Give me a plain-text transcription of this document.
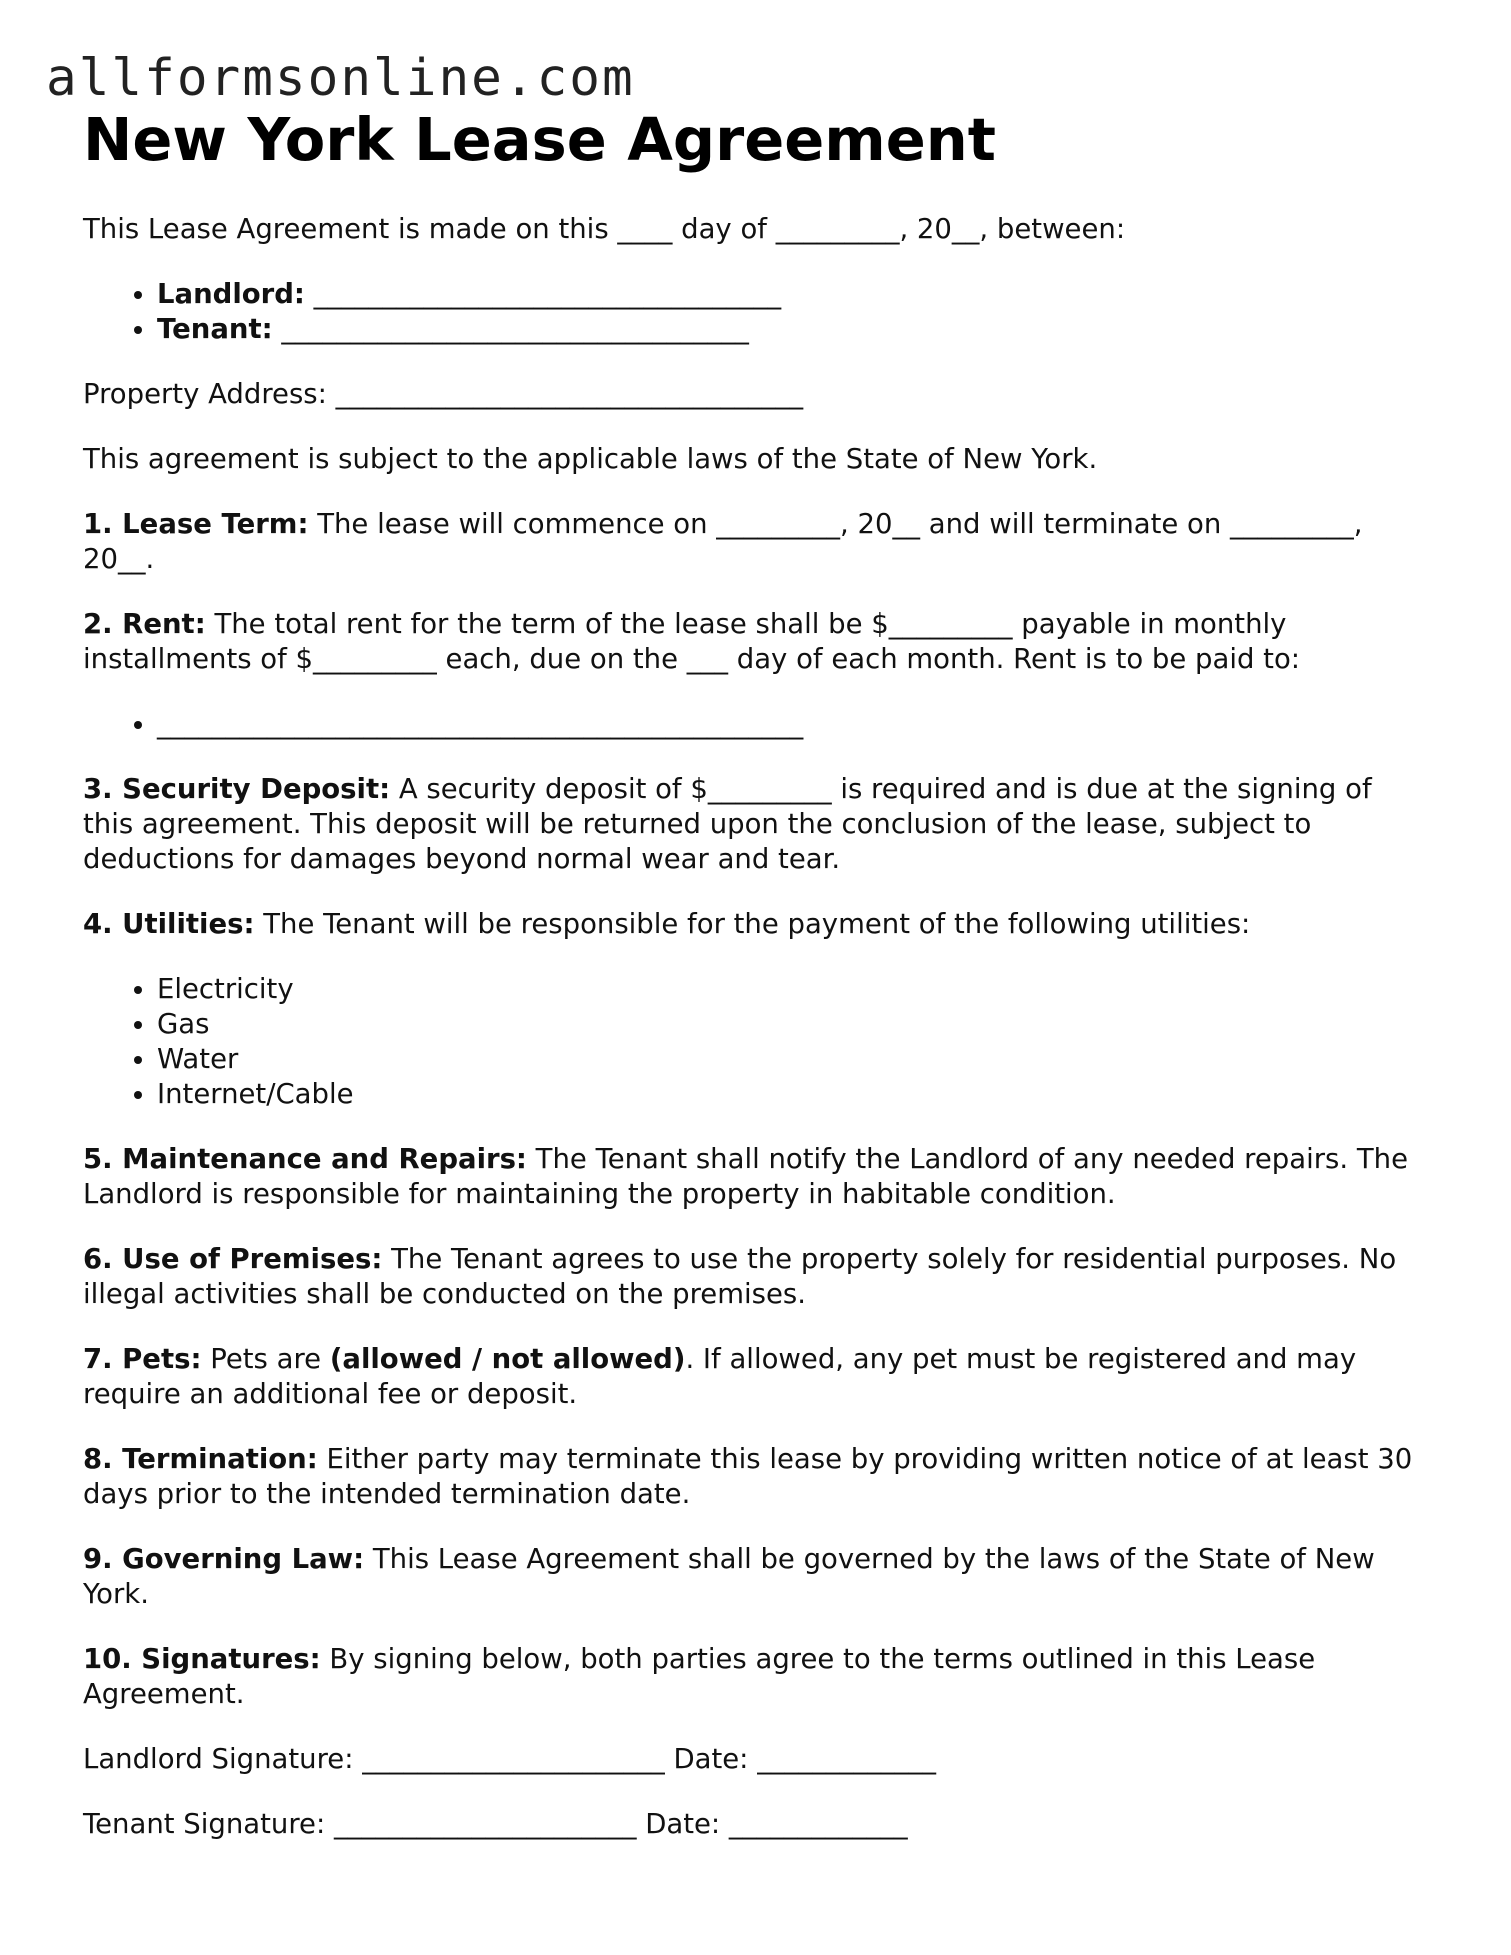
allformsonline.com
New York Lease Agreement

This Lease Agreement is made on this ____ day of _________, 20__, between:

• Landlord: __________________________________
• Tenant: __________________________________

Property Address: __________________________________

This agreement is subject to the applicable laws of the State of New York.

1. Lease Term: The lease will commence on _________, 20__ and will terminate on _________, 20__.

2. Rent: The total rent for the term of the lease shall be $_________ payable in monthly installments of $_________ each, due on the ___ day of each month. Rent is to be paid to:

• _______________________________________________

3. Security Deposit: A security deposit of $_________ is required and is due at the signing of this agreement. This deposit will be returned upon the conclusion of the lease, subject to deductions for damages beyond normal wear and tear.

4. Utilities: The Tenant will be responsible for the payment of the following utilities:

• Electricity
• Gas
• Water
• Internet/Cable

5. Maintenance and Repairs: The Tenant shall notify the Landlord of any needed repairs. The Landlord is responsible for maintaining the property in habitable condition.

6. Use of Premises: The Tenant agrees to use the property solely for residential purposes. No illegal activities shall be conducted on the premises.

7. Pets: Pets are (allowed / not allowed). If allowed, any pet must be registered and may require an additional fee or deposit.

8. Termination: Either party may terminate this lease by providing written notice of at least 30 days prior to the intended termination date.

9. Governing Law: This Lease Agreement shall be governed by the laws of the State of New York.

10. Signatures: By signing below, both parties agree to the terms outlined in this Lease Agreement.

Landlord Signature: ______________________ Date: _____________

Tenant Signature: ______________________ Date: _____________
